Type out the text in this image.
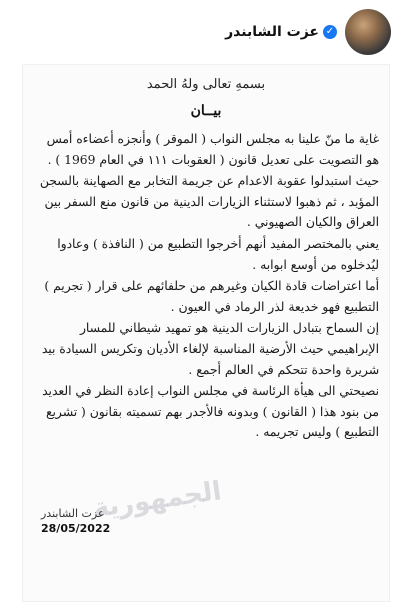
✓عزت الشابندر
بسمهِ تعالى ولهُ الحمد
بيــان

غاية ما منّ علينا به مجلس النواب ( الموقر ) وأنجزه أعضاءه أمس هو التصويت على تعديل قانون ( العقوبات ١١١ في العام 1969 ) .

حيث استبدلوا عقوبة الاعدام عن جريمة التخابر مع الصهاينة بالسجن المؤبد ، ثم ذهبوا لاستثناء الزيارات الدينية من قانون منع السفر بين العراق والكيان الصهيوني .

يعني بالمختصر المفيد أنهم أخرجوا التطبيع من ( النافذة ) وعادوا ليُدخلوه من أوسع ابوابه .

أما اعتراضات قادة الكيان وغيرهم من حلفائهم على قرار ( تجريم ) التطبيع فهو خديعة لذر الرماد في العيون .

إن السماح بتبادل الزيارات الدينية هو تمهيد شيطاني للمسار الإبراهيمي حيث الأرضية المناسبة لإلغاء الأديان وتكريس السيادة بيد شريرة واحدة تتحكم في العالم أجمع .

نصيحتي الى هيأة الرئاسة في مجلس النواب إعادة النظر في العديد من بنود هذا ( القانون ) وبدونه فالأجدر بهم تسميته بقانون ( تشريع التطبيع ) وليس تجريمه .

الجمهورية
عزت الشابندر
28/05/2022
